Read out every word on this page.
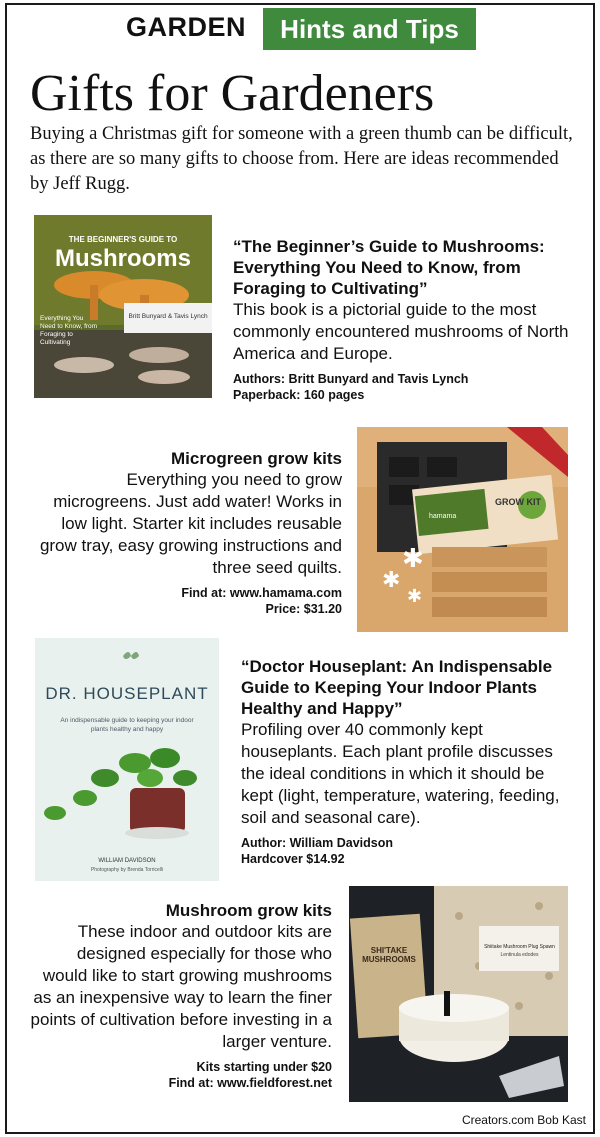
GARDEN	Hints and Tips
Gifts for Gardeners
Buying a Christmas gift for someone with a green thumb can be difficult, as there are so many gifts to choose from. Here are ideas recommended by Jeff Rugg.
THE BEGINNER'S GUIDE TO
Mushrooms
Everything You Need to Know, from Foraging to Cultivating
Britt Bunyard & Tavis Lynch
“The Beginner’s Guide to Mushrooms: Everything You Need to Know, from Foraging to Cultivating”
This book is a pictorial guide to the most commonly encountered mushrooms of North America and Europe.
Authors: Britt Bunyard and Tavis Lynch
Paperback: 160 pages
Microgreen grow kits
Everything you need to grow microgreens. Just add water! Works in low light. Starter kit includes reusable grow tray, easy growing instructions and three seed quilts.
Find at: www.hamama.com
Price: $31.20
✱
✱
✱
hamama
GROW KIT
DR. HOUSEPLANT
An indispensable guide to keeping your indoor plants healthy and happy
WILLIAM DAVIDSON
Photography by Brenda Torricelli
“Doctor Houseplant: An Indispensable Guide to Keeping Your Indoor Plants Healthy and Happy”
Profiling over 40 commonly kept houseplants. Each plant profile discusses the ideal conditions in which it should be kept (light, temperature, watering, feeding, soil and seasonal care).
Author: William Davidson
Hardcover $14.92
Mushroom grow kits
These indoor and outdoor kits are designed especially for those who would like to start growing mushrooms as an inexpensive way to learn the finer points of cultivation before investing in a larger venture.
Kits starting under $20
Find at: www.fieldforest.net
SHI'TAKE MUSHROOMS
Shiitake Mushroom Plug Spawn
Lentinula edodes
Creators.com Bob Kast
